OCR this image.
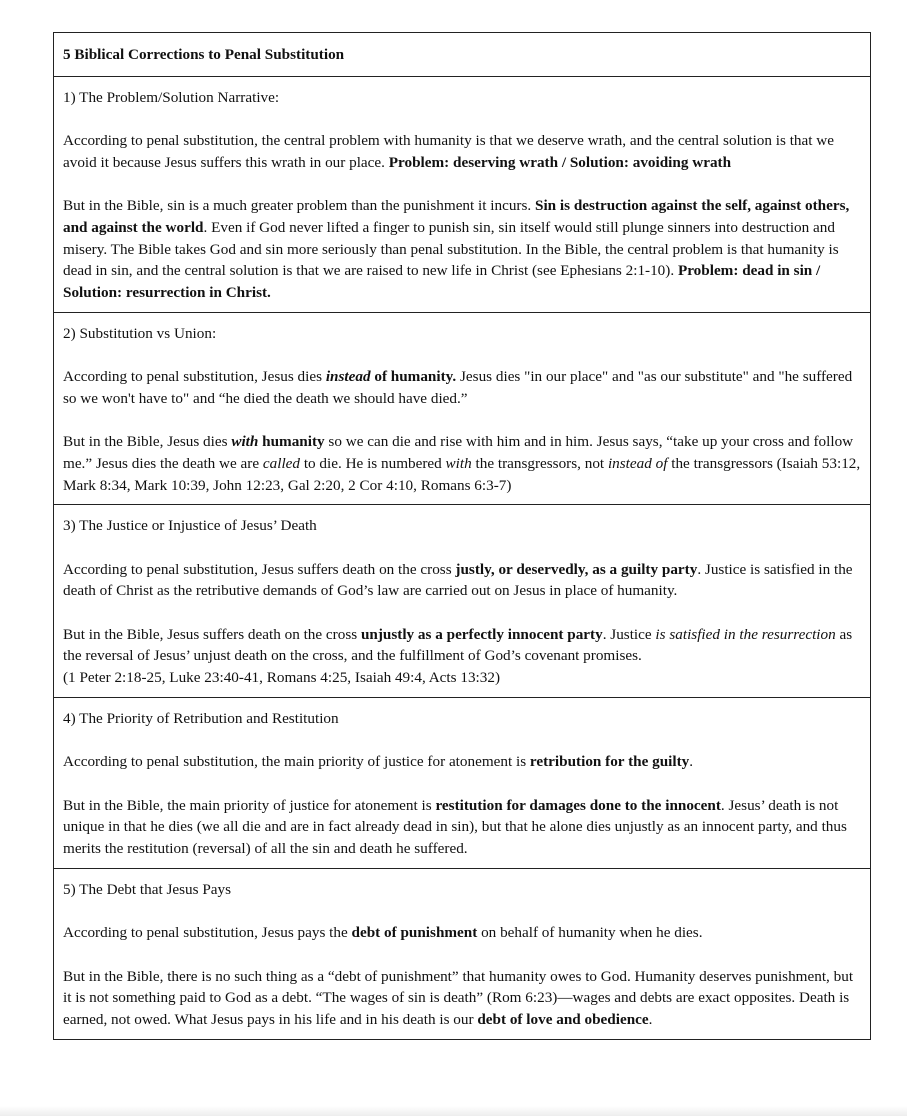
5 Biblical Corrections to Penal Substitution

1) The Problem/Solution Narrative:

According to penal substitution, the central problem with humanity is that we deserve wrath, and the central solution is that we avoid it because Jesus suffers this wrath in our place. Problem: deserving wrath / Solution: avoiding wrath

But in the Bible, sin is a much greater problem than the punishment it incurs. Sin is destruction against the self, against others, and against the world. Even if God never lifted a finger to punish sin, sin itself would still plunge sinners into destruction and misery. The Bible takes God and sin more seriously than penal substitution. In the Bible, the central problem is that humanity is dead in sin, and the central solution is that we are raised to new life in Christ (see Ephesians 2:1-10). Problem: dead in sin / Solution: resurrection in Christ.

2) Substitution vs Union:

According to penal substitution, Jesus dies instead of humanity. Jesus dies "in our place" and "as our substitute" and "he suffered so we won't have to" and “he died the death we should have died.”

But in the Bible, Jesus dies with humanity so we can die and rise with him and in him. Jesus says, “take up your cross and follow me.” Jesus dies the death we are called to die. He is numbered with the transgressors, not instead of the transgressors (Isaiah 53:12, Mark 8:34, Mark 10:39, John 12:23, Gal 2:20, 2 Cor 4:10, Romans 6:3-7)

3) The Justice or Injustice of Jesus’ Death

According to penal substitution, Jesus suffers death on the cross justly, or deservedly, as a guilty party. Justice is satisfied in the death of Christ as the retributive demands of God’s law are carried out on Jesus in place of humanity.

But in the Bible, Jesus suffers death on the cross unjustly as a perfectly innocent party. Justice is satisfied in the resurrection as the reversal of Jesus’ unjust death on the cross, and the fulfillment of God’s covenant promises.
(1 Peter 2:18-25, Luke 23:40-41, Romans 4:25, Isaiah 49:4, Acts 13:32)

4) The Priority of Retribution and Restitution

According to penal substitution, the main priority of justice for atonement is retribution for the guilty.

But in the Bible, the main priority of justice for atonement is restitution for damages done to the innocent. Jesus’ death is not unique in that he dies (we all die and are in fact already dead in sin), but that he alone dies unjustly as an innocent party, and thus merits the restitution (reversal) of all the sin and death he suffered.

5) The Debt that Jesus Pays

According to penal substitution, Jesus pays the debt of punishment on behalf of humanity when he dies.

But in the Bible, there is no such thing as a “debt of punishment” that humanity owes to God. Humanity deserves punishment, but it is not something paid to God as a debt. “The wages of sin is death” (Rom 6:23)—wages and debts are exact opposites. Death is earned, not owed. What Jesus pays in his life and in his death is our debt of love and obedience.
